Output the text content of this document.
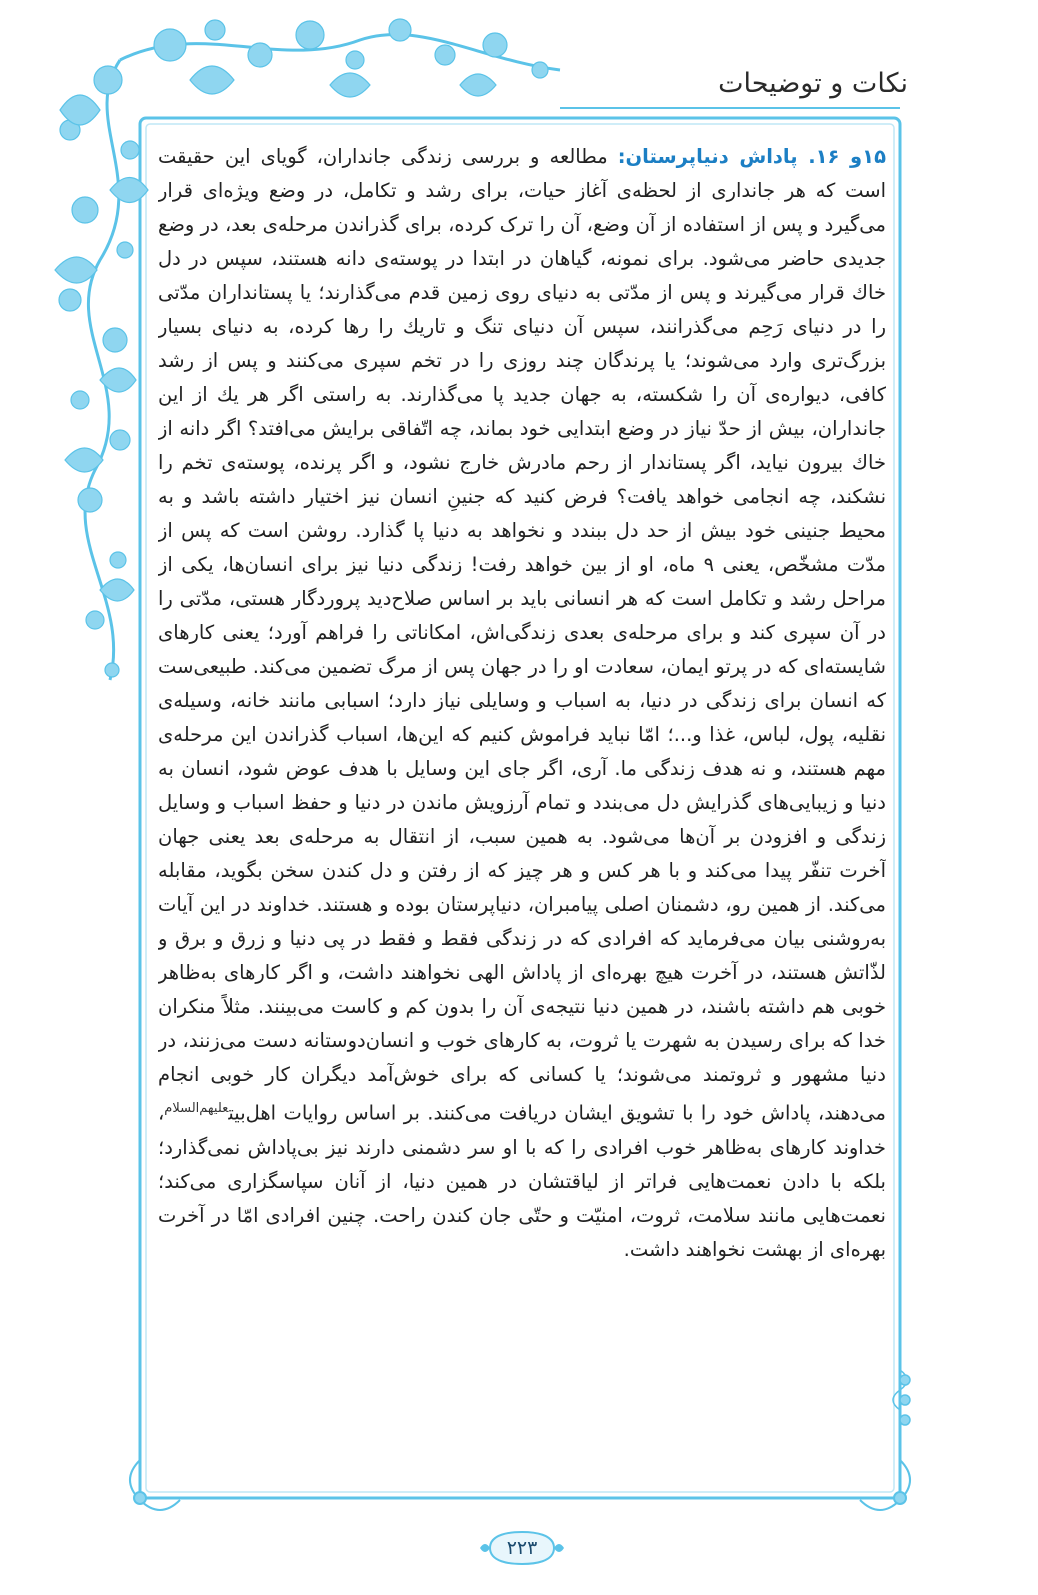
نکات و توضیحات

۱۵و ۱۶. پاداش دنیاپرستان: مطالعه و بررسی زندگی جانداران، گویای این حقیقت است که هر جانداری از لحظه‌ی آغاز حیات، برای رشد و تکامل، در وضع ویژه‌ای قرار می‌گیرد و پس از استفاده از آن وضع، آن را ترک کرده، برای گذراندن مرحله‌ی بعد، در وضع جدیدی حاضر می‌شود. برای نمونه، گیاهان در ابتدا در پوسته‌ی دانه هستند، سپس در دل خاك قرار می‌گیرند و پس از مدّتی به دنیای روی زمین قدم می‌گذارند؛ یا پستانداران مدّتی را در دنیای رَحِم می‌گذرانند، سپس آن دنیای تنگ و تاریك را رها کرده، به دنیای بسیار بزرگ‌تری وارد می‌شوند؛ یا پرندگان چند روزی را در تخم سپری می‌کنند و پس از رشد کافی، دیواره‌ی آن را شکسته، به جهان جدید پا می‌گذارند. به راستی اگر هر یك از این جانداران، بیش از حدّ نیاز در وضع ابتدایی خود بماند، چه اتّفاقی برایش می‌افتد؟ اگر دانه از خاك بیرون نیاید، اگر پستاندار از رحم مادرش خارج نشود، و اگر پرنده، پوسته‌ی تخم را نشکند، چه انجامی خواهد یافت؟ فرض کنید که جنینِ انسان نیز اختیار داشته باشد و به محیط جنینی خود بیش از حد دل ببندد و نخواهد به دنیا پا گذارد. روشن است که پس از مدّت مشخّص، یعنی ۹ ماه، او از بین خواهد رفت! زندگی دنیا نیز برای انسان‌ها، یکی از مراحل رشد و تکامل است که هر انسانی باید بر اساس صلاح‌دید پروردگار هستی، مدّتی را در آن سپری کند و برای مرحله‌ی بعدی زندگی‌اش، امکاناتی را فراهم آورد؛ یعنی کارهای شایسته‌ای که در پرتو ایمان، سعادت او را در جهان پس از مرگ تضمین می‌کند. طبیعی‌ست که انسان برای زندگی در دنیا، به اسباب و وسایلی نیاز دارد؛ اسبابی مانند خانه، وسیله‌ی نقلیه، پول، لباس، غذا و...؛ امّا نباید فراموش کنیم که این‌ها، اسباب گذراندن این مرحله‌ی مهم هستند، و نه هدف زندگی ما. آری، اگر جای این وسایل با هدف عوض شود، انسان به دنیا و زیبایی‌های گذرایش دل می‌بندد و تمام آرزویش ماندن در دنیا و حفظ اسباب و وسایل زندگی و افزودن بر آن‌ها می‌شود. به همین سبب، از انتقال به مرحله‌ی بعد یعنی جهان آخرت تنفّر پیدا می‌کند و با هر کس و هر چیز که از رفتن و دل کندن سخن بگوید، مقابله می‌کند. از همین رو، دشمنان اصلی پیامبران، دنیاپرستان بوده و هستند. خداوند در این آیات به‌روشنی بیان می‌فرماید که افرادی که در زندگی فقط و فقط در پی دنیا و زرق و برق و لذّاتش هستند، در آخرت هیچ بهره‌ای از پاداش الهی نخواهند داشت، و اگر کارهای به‌ظاهر خوبی هم داشته باشند، در همین دنیا نتیجه‌ی آن را بدون کم و کاست می‌بینند. مثلاً منکران خدا که برای رسیدن به شهرت یا ثروت، به کارهای خوب و انسان‌دوستانه دست می‌زنند، در دنیا مشهور و ثروتمند می‌شوند؛ یا کسانی که برای خوش‌آمد دیگران کار خوبی انجام می‌دهند، پاداش خود را با تشویق ایشان دریافت می‌کنند. بر اساس روایات اهل‌بیت$^{علیهم‌السلام}$، خداوند کارهای به‌ظاهر خوب افرادی را که با او سر دشمنی دارند نیز بی‌پاداش نمی‌گذارد؛ بلکه با دادن نعمت‌هایی فراتر از لیاقتشان در همین دنیا، از آنان سپاسگزاری می‌کند؛ نعمت‌هایی مانند سلامت، ثروت، امنیّت و حتّی جان کندن راحت. چنین افرادی امّا در آخرت بهره‌ای از بهشت نخواهند داشت.

۲۲۳
